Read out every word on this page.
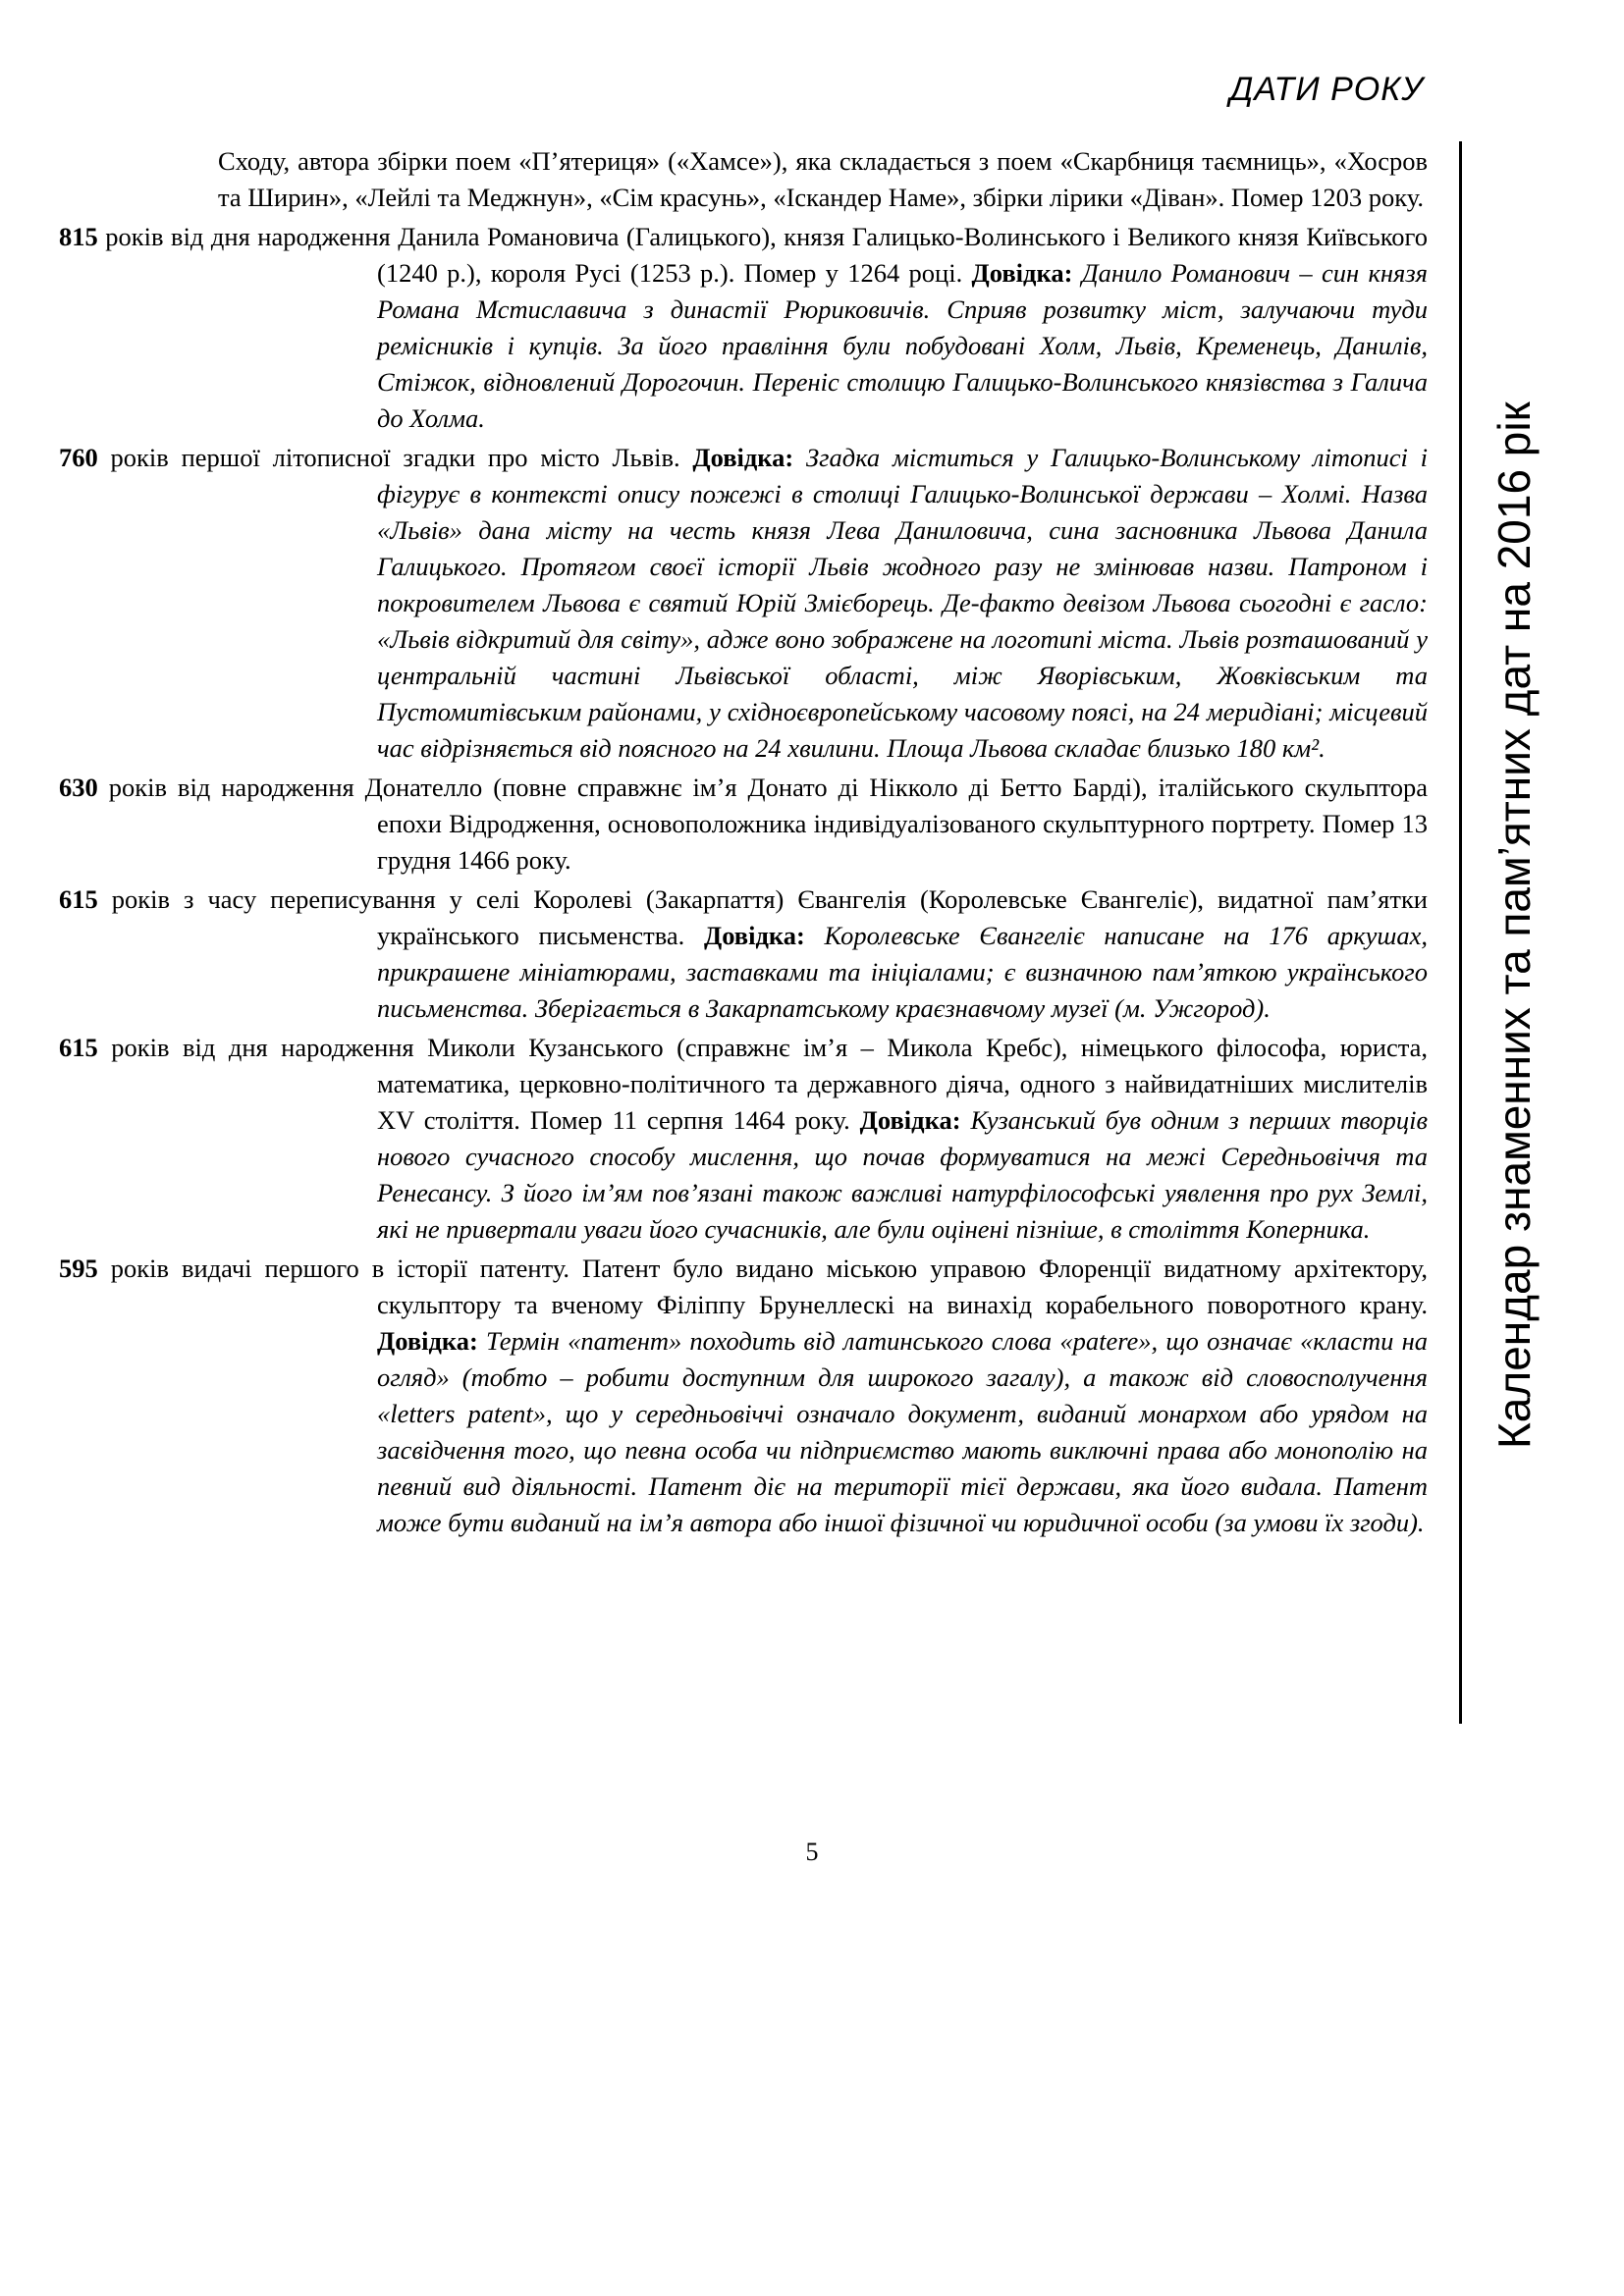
ДАТИ РОКУ
Календар знаменних та пам’ятних дат на 2016 рік

Сходу, автора збірки поем «П’ятериця» («Хамсе»), яка складається з поем «Скарбниця таємниць», «Хосров та Ширин», «Лейлі та Меджнун», «Сім красунь», «Іскандер Наме», збірки лірики «Діван». Помер 1203 року.

815 років від дня народження Данила Романовича (Галицького), князя Галицько-Волинського і Великого князя Київського (1240 р.), короля Русі (1253 р.). Помер у 1264 році. Довідка: Данило Романович – син князя Романа Мстиславича з династії Рюриковичів. Сприяв розвитку міст, залучаючи туди ремісників і купців. За його правління були побудовані Холм, Львів, Кременець, Данилів, Стіжок, відновлений Дорогочин. Переніс столицю Галицько-Волинського князівства з Галича до Холма.
760 років першої літописної згадки про місто Львів. Довідка: Згадка міститься у Галицько-Волинському літописі і фігурує в контексті опису пожежі в столиці Галицько-Волинської держави – Холмі. Назва «Львів» дана місту на честь князя Лева Даниловича, сина засновника Львова Данила Галицького. Протягом своєї історії Львів жодного разу не змінював назви. Патроном і покровителем Львова є святий Юрій Змієборець. Де-факто девізом Львова сьогодні є гасло: «Львів відкритий для світу», адже воно зображене на логотипі міста. Львів розташований у центральній частині Львівської області, між Яворівським, Жовківським та Пустомитівським районами, у східноєвропейському часовому поясі, на 24 меридіані; місцевий час відрізняється від поясного на 24 хвилини. Площа Львова складає близько 180 км².
630 років від народження Донателло (повне справжнє ім’я Донато ді Нікколо ді Бетто Барді), італійського скульптора епохи Відродження, основоположника індивідуалізованого скульптурного портрету. Помер 13 грудня 1466 року.
615 років з часу переписування у селі Королеві (Закарпаття) Євангелія (Королевське Євангеліє), видатної пам’ятки українського письменства. Довідка: Королевське Євангеліє написане на 176 аркушах, прикрашене мініатюрами, заставками та ініціалами; є визначною пам’яткою українського письменства. Зберігається в Закарпатському краєзнавчому музеї (м. Ужгород).
615 років від дня народження Миколи Кузанського (справжнє ім’я – Микола Кребс), німецького філософа, юриста, математика, церковно-політичного та державного діяча, одного з найвидатніших мислителів XV століття. Помер 11 серпня 1464 року. Довідка: Кузанський був одним з перших творців нового сучасного способу мислення, що почав формуватися на межі Середньовіччя та Ренесансу. З його ім’ям пов’язані також важливі натурфілософські уявлення про рух Землі, які не привертали уваги його сучасників, але були оцінені пізніше, в століття Коперника.
595 років видачі першого в історії патенту. Патент було видано міською управою Флоренції видатному архітектору, скульптору та вченому Філіппу Брунеллескі на винахід корабельного поворотного крану. Довідка: Термін «патент» походить від латинського слова «patere», що означає «класти на огляд» (тобто – робити доступним для широкого загалу), а також від словосполучення «letters patent», що у середньовіччі означало документ, виданий монархом або урядом на засвідчення того, що певна особа чи підприємство мають виключні права або монополію на певний вид діяльності. Патент діє на території тієї держави, яка його видала. Патент може бути виданий на ім’я автора або іншої фізичної чи юридичної особи (за умови їх згоди).
5
